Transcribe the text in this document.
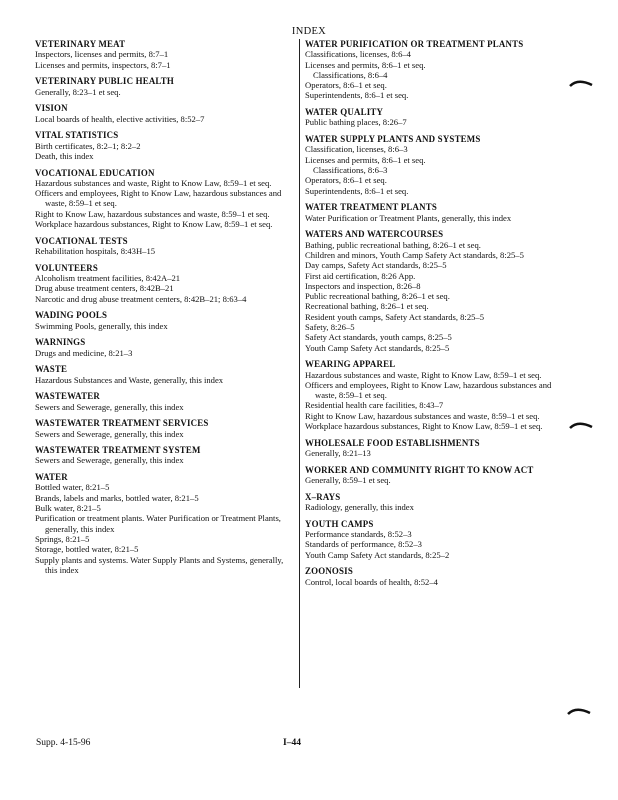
INDEX
VETERINARY MEAT
Inspectors, licenses and permits, 8:7–1
Licenses and permits, inspectors, 8:7–1
VETERINARY PUBLIC HEALTH
Generally, 8:23–1 et seq.
VISION
Local boards of health, elective activities, 8:52–7
VITAL STATISTICS
Birth certificates, 8:2–1; 8:2–2
Death, this index
VOCATIONAL EDUCATION
Hazardous substances and waste, Right to Know Law, 8:59–1 et seq.
Officers and employees, Right to Know Law, hazardous substances and waste, 8:59–1 et seq.
Right to Know Law, hazardous substances and waste, 8:59–1 et seq.
Workplace hazardous substances, Right to Know Law, 8:59–1 et seq.
VOCATIONAL TESTS
Rehabilitation hospitals, 8:43H–15
VOLUNTEERS
Alcoholism treatment facilities, 8:42A–21
Drug abuse treatment centers, 8:42B–21
Narcotic and drug abuse treatment centers, 8:42B–21; 8:63–4
WADING POOLS
Swimming Pools, generally, this index
WARNINGS
Drugs and medicine, 8:21–3
WASTE
Hazardous Substances and Waste, generally, this index
WASTEWATER
Sewers and Sewerage, generally, this index
WASTEWATER TREATMENT SERVICES
Sewers and Sewerage, generally, this index
WASTEWATER TREATMENT SYSTEM
Sewers and Sewerage, generally, this index
WATER
Bottled water, 8:21–5
Brands, labels and marks, bottled water, 8:21–5
Bulk water, 8:21–5
Purification or treatment plants. Water Purification or Treatment Plants, generally, this index
Springs, 8:21–5
Storage, bottled water, 8:21–5
Supply plants and systems. Water Supply Plants and Systems, generally, this index
WATER PURIFICATION OR TREATMENT PLANTS
Classifications, licenses, 8:6–4
Licenses and permits, 8:6–1 et seq.
Classifications, 8:6–4
Operators, 8:6–1 et seq.
Superintendents, 8:6–1 et seq.
WATER QUALITY
Public bathing places, 8:26–7
WATER SUPPLY PLANTS AND SYSTEMS
Classification, licenses, 8:6–3
Licenses and permits, 8:6–1 et seq.
Classifications, 8:6–3
Operators, 8:6–1 et seq.
Superintendents, 8:6–1 et seq.
WATER TREATMENT PLANTS
Water Purification or Treatment Plants, generally, this index
WATERS AND WATERCOURSES
Bathing, public recreational bathing, 8:26–1 et seq.
Children and minors, Youth Camp Safety Act standards, 8:25–5
Day camps, Safety Act standards, 8:25–5
First aid certification, 8:26 App.
Inspectors and inspection, 8:26–8
Public recreational bathing, 8:26–1 et seq.
Recreational bathing, 8:26–1 et seq.
Resident youth camps, Safety Act standards, 8:25–5
Safety, 8:26–5
Safety Act standards, youth camps, 8:25–5
Youth Camp Safety Act standards, 8:25–5
WEARING APPAREL
Hazardous substances and waste, Right to Know Law, 8:59–1 et seq.
Officers and employees, Right to Know Law, hazardous substances and waste, 8:59–1 et seq.
Residential health care facilities, 8:43–7
Right to Know Law, hazardous substances and waste, 8:59–1 et seq.
Workplace hazardous substances, Right to Know Law, 8:59–1 et seq.
WHOLESALE FOOD ESTABLISHMENTS
Generally, 8:21–13
WORKER AND COMMUNITY RIGHT TO KNOW ACT
Generally, 8:59–1 et seq.
X–RAYS
Radiology, generally, this index
YOUTH CAMPS
Performance standards, 8:52–3
Standards of performance, 8:52–3
Youth Camp Safety Act standards, 8:25–2
ZOONOSIS
Control, local boards of health, 8:52–4
Supp. 4-15-96	I–44
